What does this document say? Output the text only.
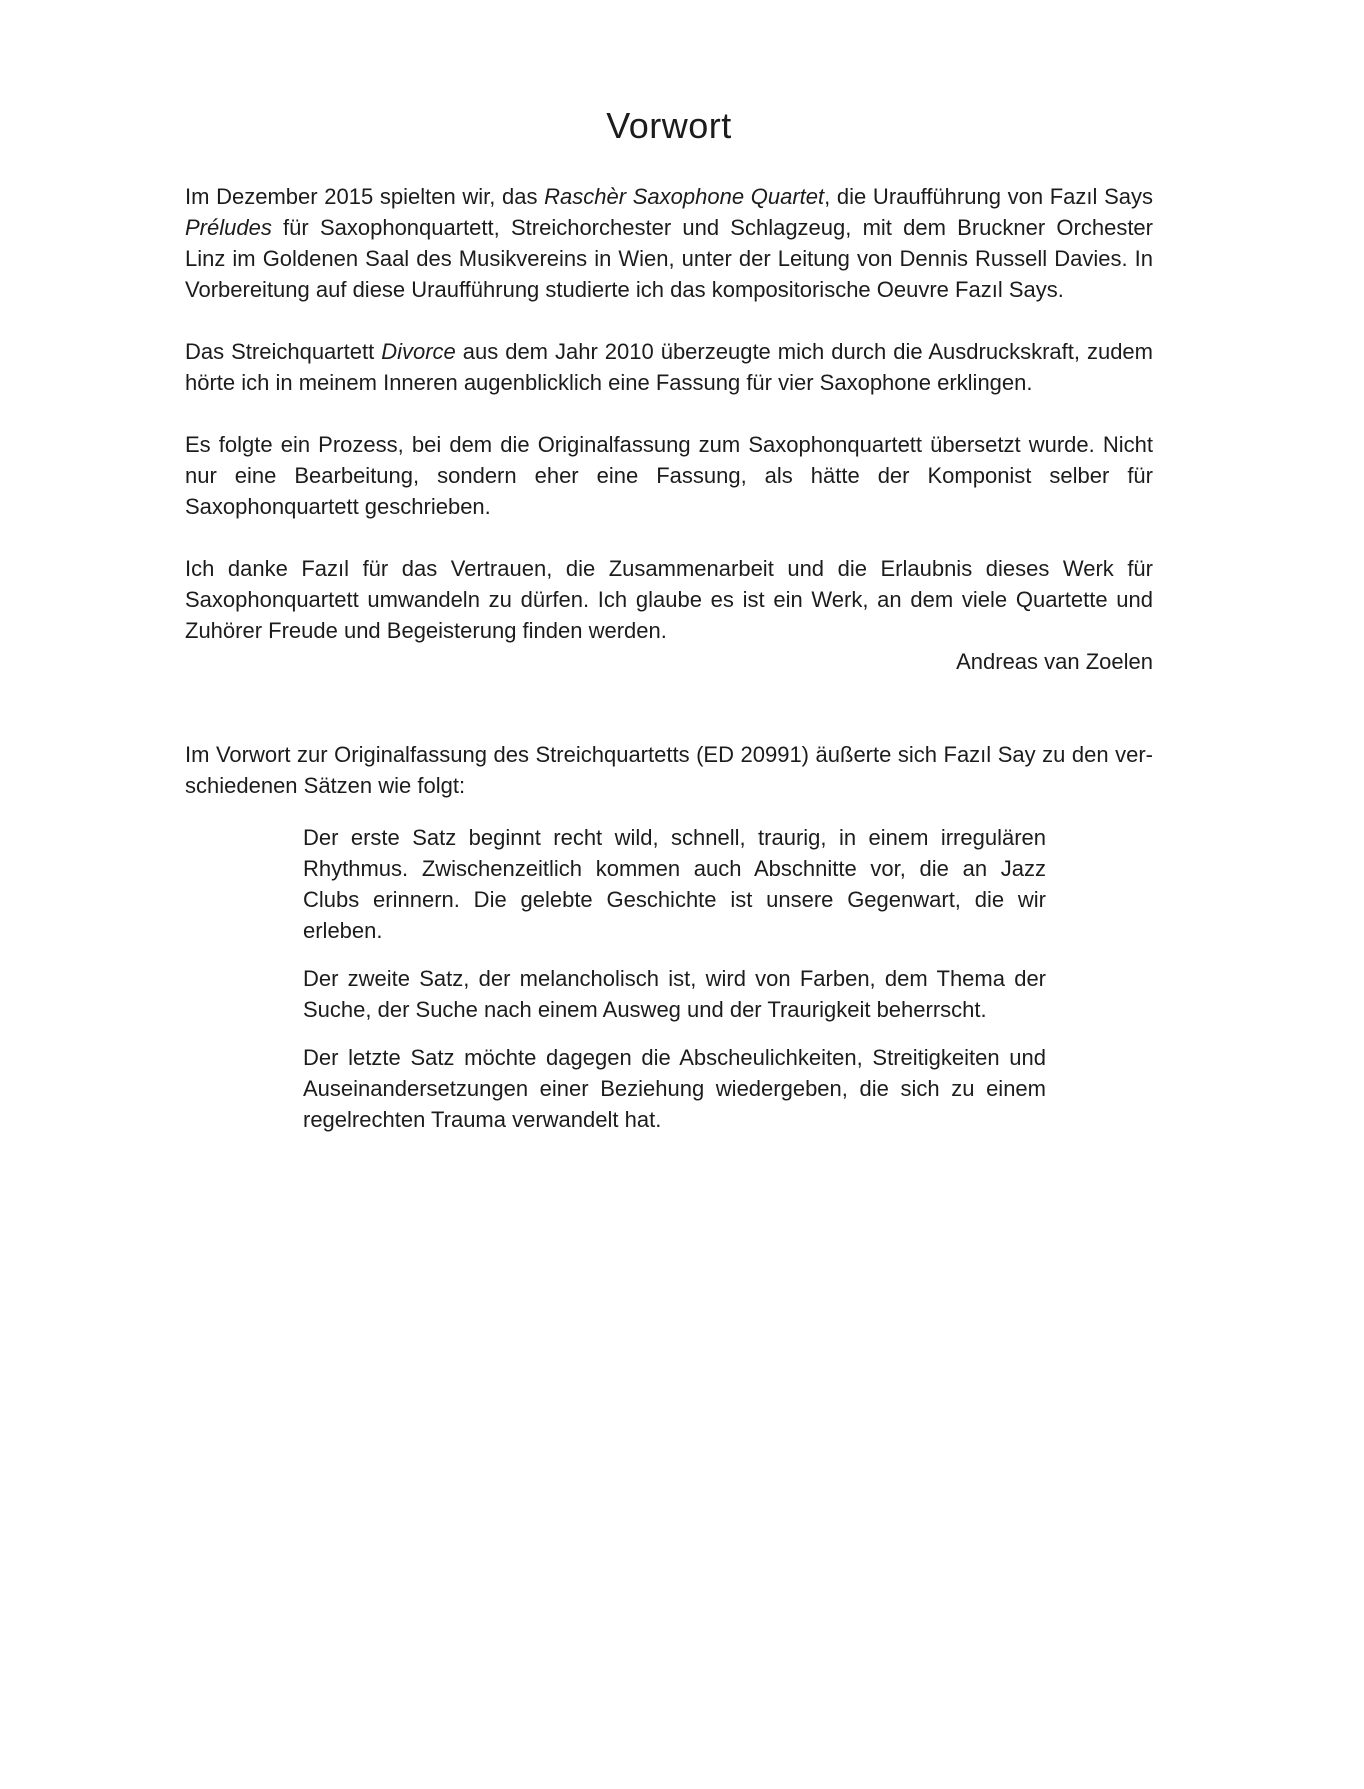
Vorwort

Im Dezember 2015 spielten wir, das Raschèr Saxophone Quartet, die Uraufführung von Fazıl Says Préludes für Saxophonquartett, Streichorchester und Schlagzeug, mit dem Bruckner Orchester Linz im Goldenen Saal des Musikvereins in Wien, unter der Leitung von Dennis Russell Davies. In Vorbereitung auf diese Uraufführung studierte ich das kompositorische Oeuvre Fazıl Says.

Das Streichquartett Divorce aus dem Jahr 2010 überzeugte mich durch die Ausdruckskraft, zudem hörte ich in meinem Inneren augenblicklich eine Fassung für vier Saxophone erklingen.

Es folgte ein Prozess, bei dem die Originalfassung zum Saxophonquartett übersetzt wurde. Nicht nur eine Bearbeitung, sondern eher eine Fassung, als hätte der Komponist selber für Saxophonquartett geschrieben.

Ich danke Fazıl für das Vertrauen, die Zusammenarbeit und die Erlaubnis dieses Werk für Saxophonquartett umwandeln zu dürfen. Ich glaube es ist ein Werk, an dem viele Quartette und Zuhörer Freude und Begeisterung finden werden.

Andreas van Zoelen

Im Vorwort zur Originalfassung des Streichquartetts (ED 20991) äußerte sich Fazıl Say zu den verschiedenen Sätzen wie folgt:

Der erste Satz beginnt recht wild, schnell, traurig, in einem irregulären Rhythmus. Zwischenzeitlich kommen auch Abschnitte vor, die an Jazz Clubs erinnern. Die gelebte Geschichte ist unsere Gegenwart, die wir erleben.

Der zweite Satz, der melancholisch ist, wird von Farben, dem Thema der Suche, der Suche nach einem Ausweg und der Traurigkeit beherrscht.

Der letzte Satz möchte dagegen die Abscheulichkeiten, Streitigkeiten und Auseinandersetzungen einer Beziehung wiedergeben, die sich zu einem regelrechten Trauma verwandelt hat.
